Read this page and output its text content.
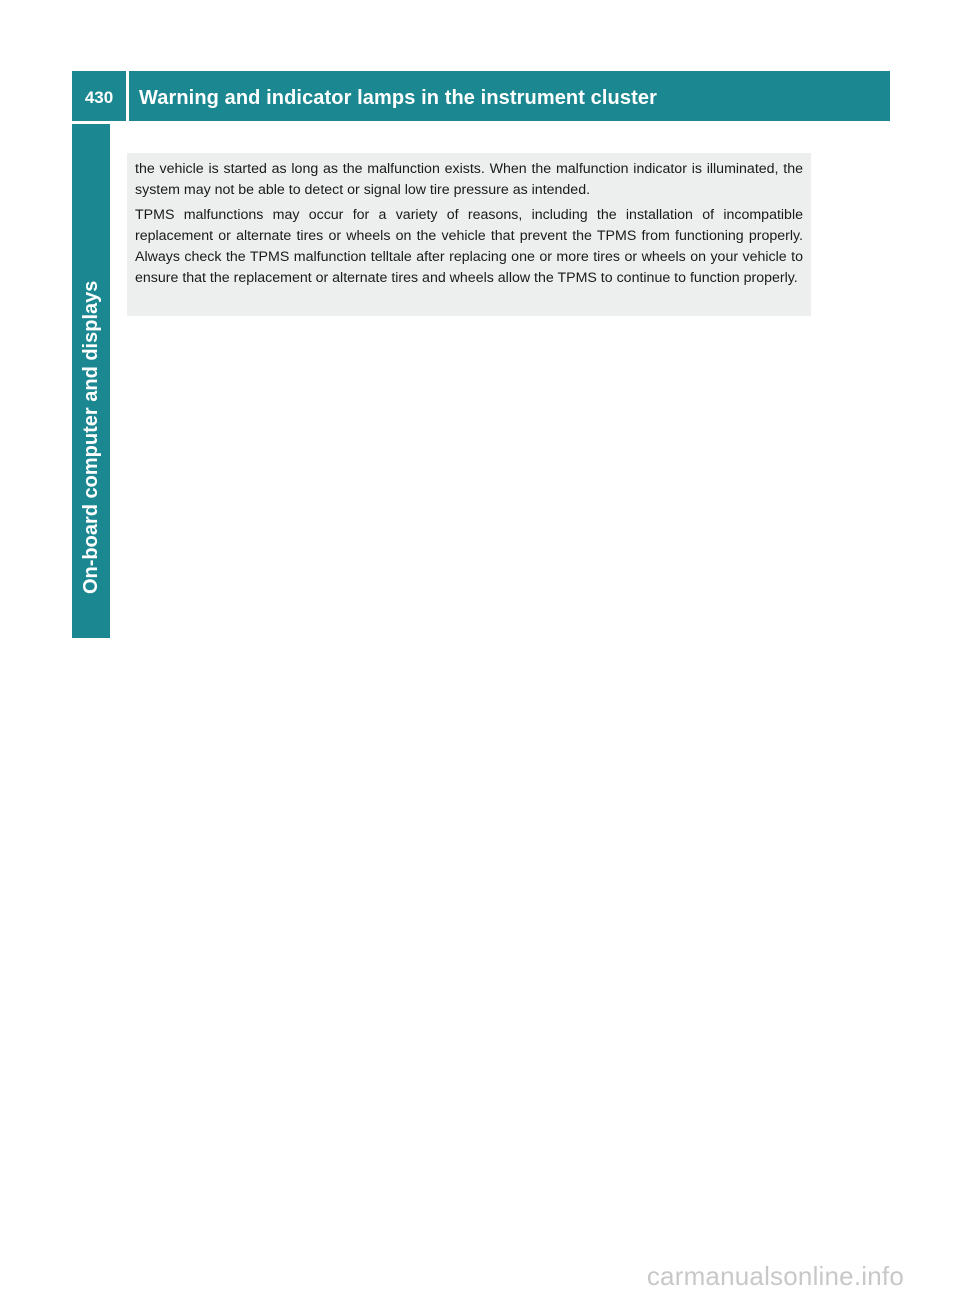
430	Warning and indicator lamps in the instrument cluster
On-board computer and displays

the vehicle is started as long as the malfunction exists. When the malfunction indicator is illuminated, the system may not be able to detect or signal low tire pressure as intended.

TPMS malfunctions may occur for a variety of reasons, including the installation of incompatible replacement or alternate tires or wheels on the vehicle that prevent the TPMS from functioning properly. Always check the TPMS malfunction telltale after replacing one or more tires or wheels on your vehicle to ensure that the replacement or alternate tires and wheels allow the TPMS to continue to function properly.

carmanualsonline.info
